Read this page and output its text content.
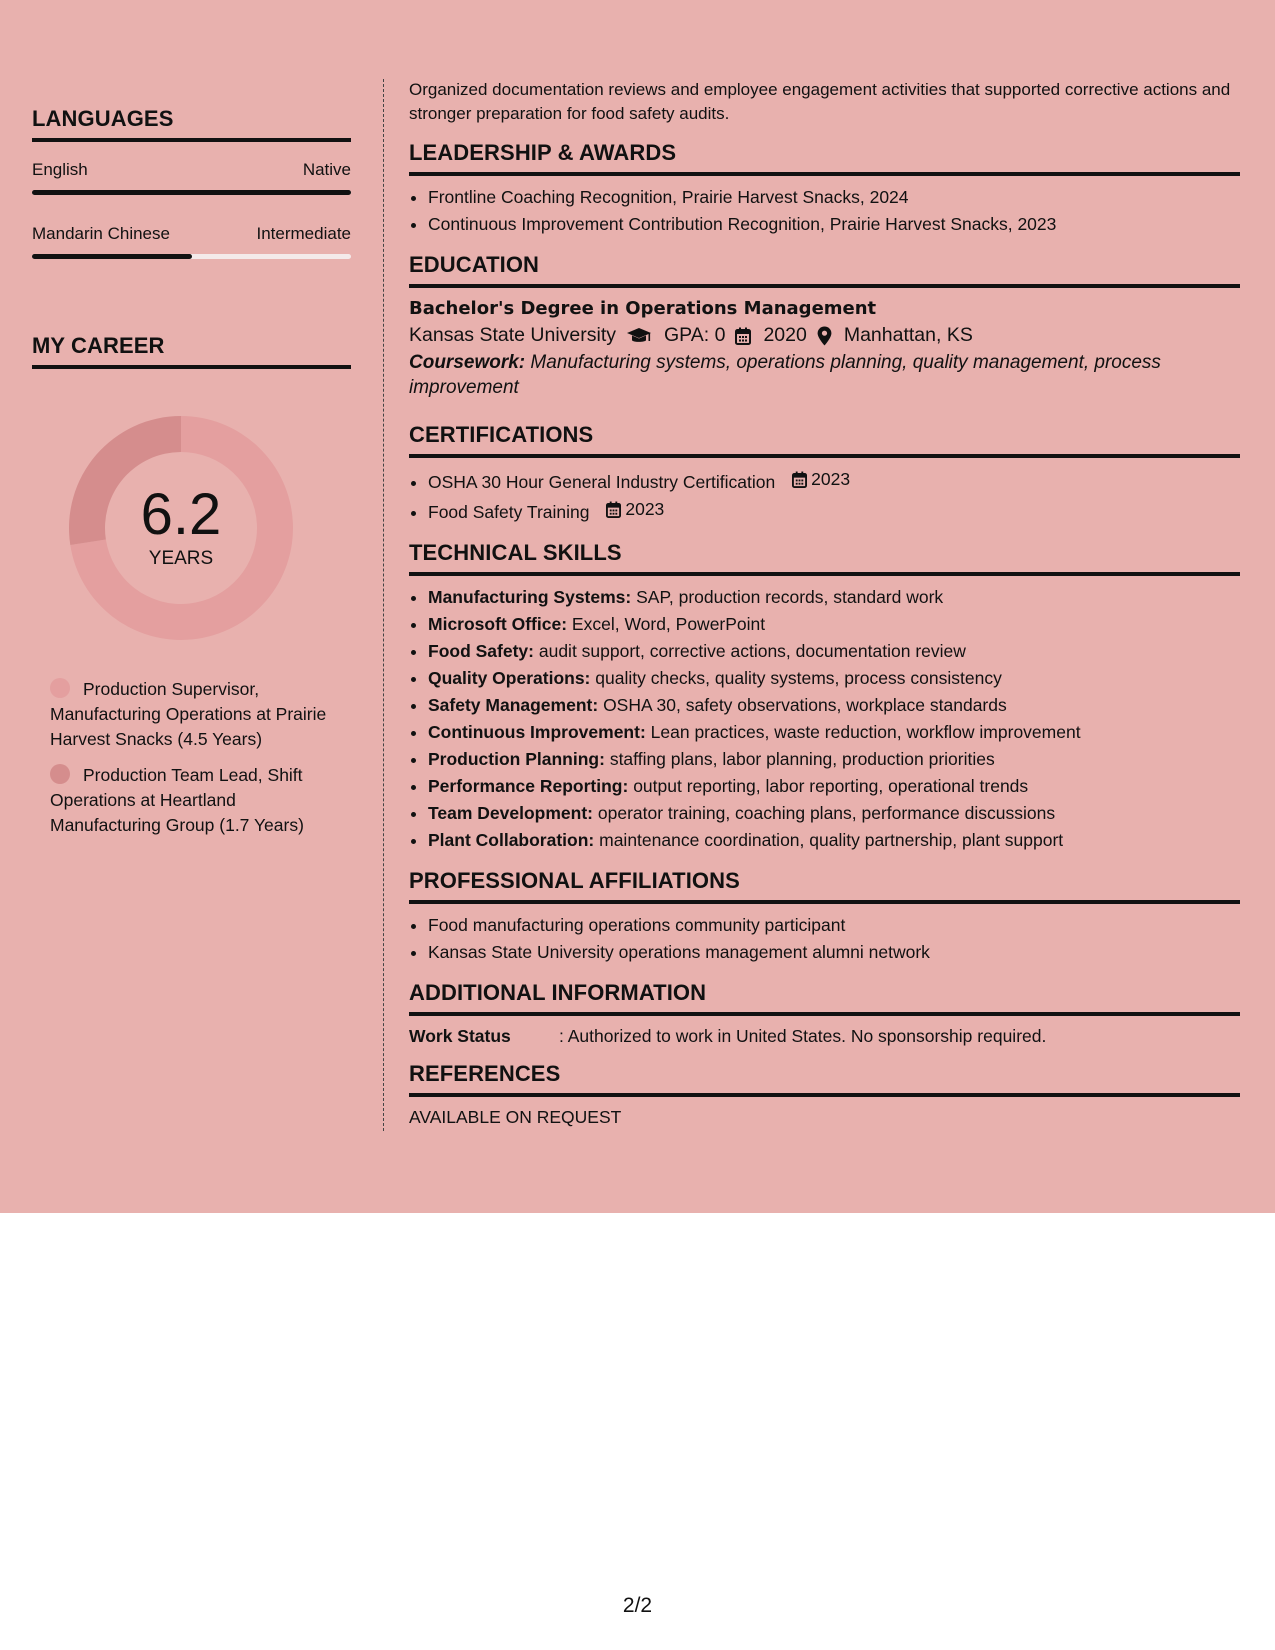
LANGUAGES
English	Native
Mandarin Chinese	Intermediate
MY CAREER
6.2
YEARS
Production Supervisor, Manufacturing Operations at Prairie Harvest Snacks (4.5 Years)
Production Team Lead, Shift Operations at Heartland Manufacturing Group (1.7 Years)

Organized documentation reviews and employee engagement activities that supported corrective actions and stronger preparation for food safety audits.

LEADERSHIP & AWARDS
• Frontline Coaching Recognition, Prairie Harvest Snacks, 2024
• Continuous Improvement Contribution Recognition, Prairie Harvest Snacks, 2023
EDUCATION
Bachelor's Degree in Operations Management
Kansas State University GPA: 0 2020 Manhattan, KS
Coursework: Manufacturing systems, operations planning, quality management, process improvement
CERTIFICATIONS
• OSHA 30 Hour General Industry Certification 2023
• Food Safety Training 2023
TECHNICAL SKILLS
• Manufacturing Systems: SAP, production records, standard work
• Microsoft Office: Excel, Word, PowerPoint
• Food Safety: audit support, corrective actions, documentation review
• Quality Operations: quality checks, quality systems, process consistency
• Safety Management: OSHA 30, safety observations, workplace standards
• Continuous Improvement: Lean practices, waste reduction, workflow improvement
• Production Planning: staffing plans, labor planning, production priorities
• Performance Reporting: output reporting, labor reporting, operational trends
• Team Development: operator training, coaching plans, performance discussions
• Plant Collaboration: maintenance coordination, quality partnership, plant support
PROFESSIONAL AFFILIATIONS
• Food manufacturing operations community participant
• Kansas State University operations management alumni network
ADDITIONAL INFORMATION
Work Status	: Authorized to work in United States. No sponsorship required.
REFERENCES
AVAILABLE ON REQUEST
2/2
